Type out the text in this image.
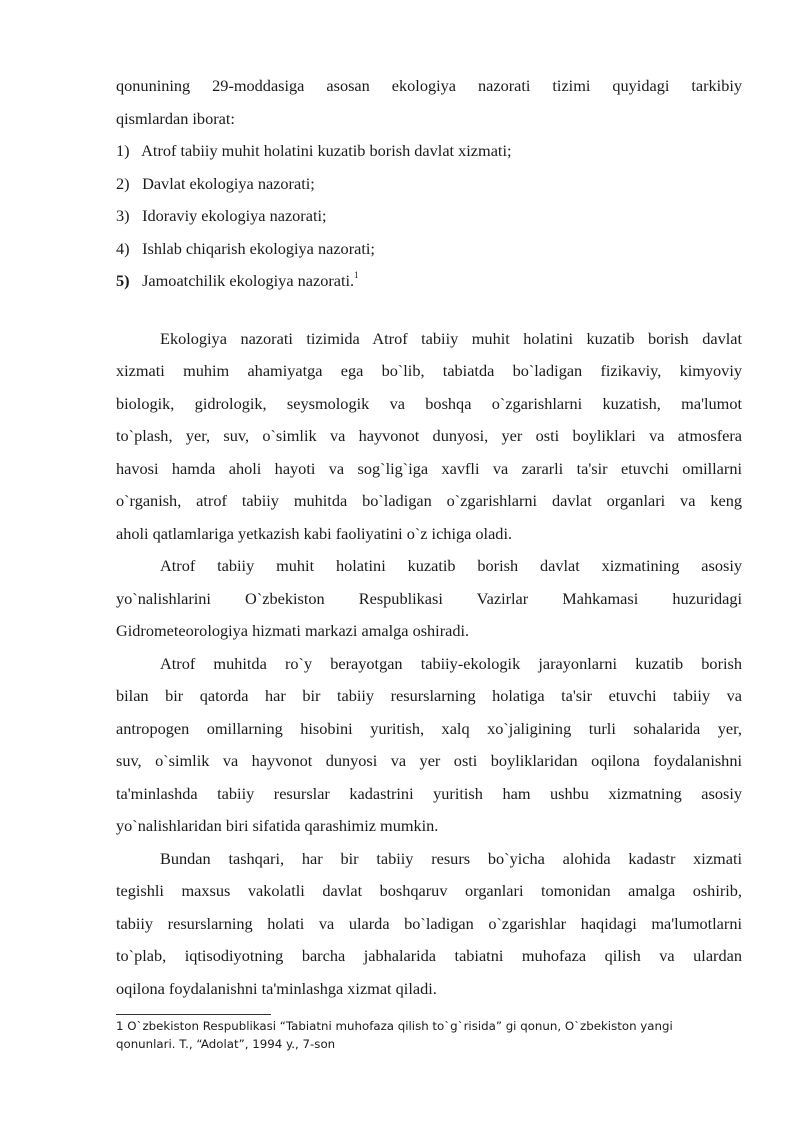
qonunining 29-moddasiga asosan ekologiya nazorati tizimi quyidagi tarkibiy
qismlardan iborat:
1) Atrof tabiiy muhit holatini kuzatib borish davlat xizmati;
2) Davlat ekologiya nazorati;
3) Idoraviy ekologiya nazorati;
4) Ishlab chiqarish ekologiya nazorati;
5) Jamoatchilik ekologiya nazorati.$^1$
Ekologiya nazorati tizimida Atrof tabiiy muhit holatini kuzatib borish davlat
xizmati muhim ahamiyatga ega bo`lib, tabiatda bo`ladigan fizikaviy, kimyoviy
biologik, gidrologik, seysmologik va boshqa o`zgarishlarni kuzatish, ma'lumot
to`plash, yer, suv, o`simlik va hayvonot dunyosi, yer osti boyliklari va atmosfera
havosi hamda aholi hayoti va sog`lig`iga xavfli va zararli ta'sir etuvchi omillarni
o`rganish, atrof tabiiy muhitda bo`ladigan o`zgarishlarni davlat organlari va keng
aholi qatlamlariga yetkazish kabi faoliyatini o`z ichiga oladi.
Atrof tabiiy muhit holatini kuzatib borish davlat xizmatining asosiy
yo`nalishlarini O`zbekiston Respublikasi Vazirlar Mahkamasi huzuridagi
Gidrometeorologiya hizmati markazi amalga oshiradi.
Atrof muhitda ro`y berayotgan tabiiy-ekologik jarayonlarni kuzatib borish
bilan bir qatorda har bir tabiiy resurslarning holatiga ta'sir etuvchi tabiiy va
antropogen omillarning hisobini yuritish, xalq xo`jaligining turli sohalarida yer,
suv, o`simlik va hayvonot dunyosi va yer osti boyliklaridan oqilona foydalanishni
ta'minlashda tabiiy resurslar kadastrini yuritish ham ushbu xizmatning asosiy
yo`nalishlaridan biri sifatida qarashimiz mumkin.
Bundan tashqari, har bir tabiiy resurs bo`yicha alohida kadastr xizmati
tegishli maxsus vakolatli davlat boshqaruv organlari tomonidan amalga oshirib,
tabiiy resurslarning holati va ularda bo`ladigan o`zgarishlar haqidagi ma'lumotlarni
to`plab, iqtisodiyotning barcha jabhalarida tabiatni muhofaza qilish va ulardan
oqilona foydalanishni ta'minlashga xizmat qiladi.
1 O`zbekiston Respublikasi “Tabiatni muhofaza qilish to`g`risida” gi qonun, O`zbekiston yangi
qonunlari. T., “Adolat”, 1994 y., 7-son
